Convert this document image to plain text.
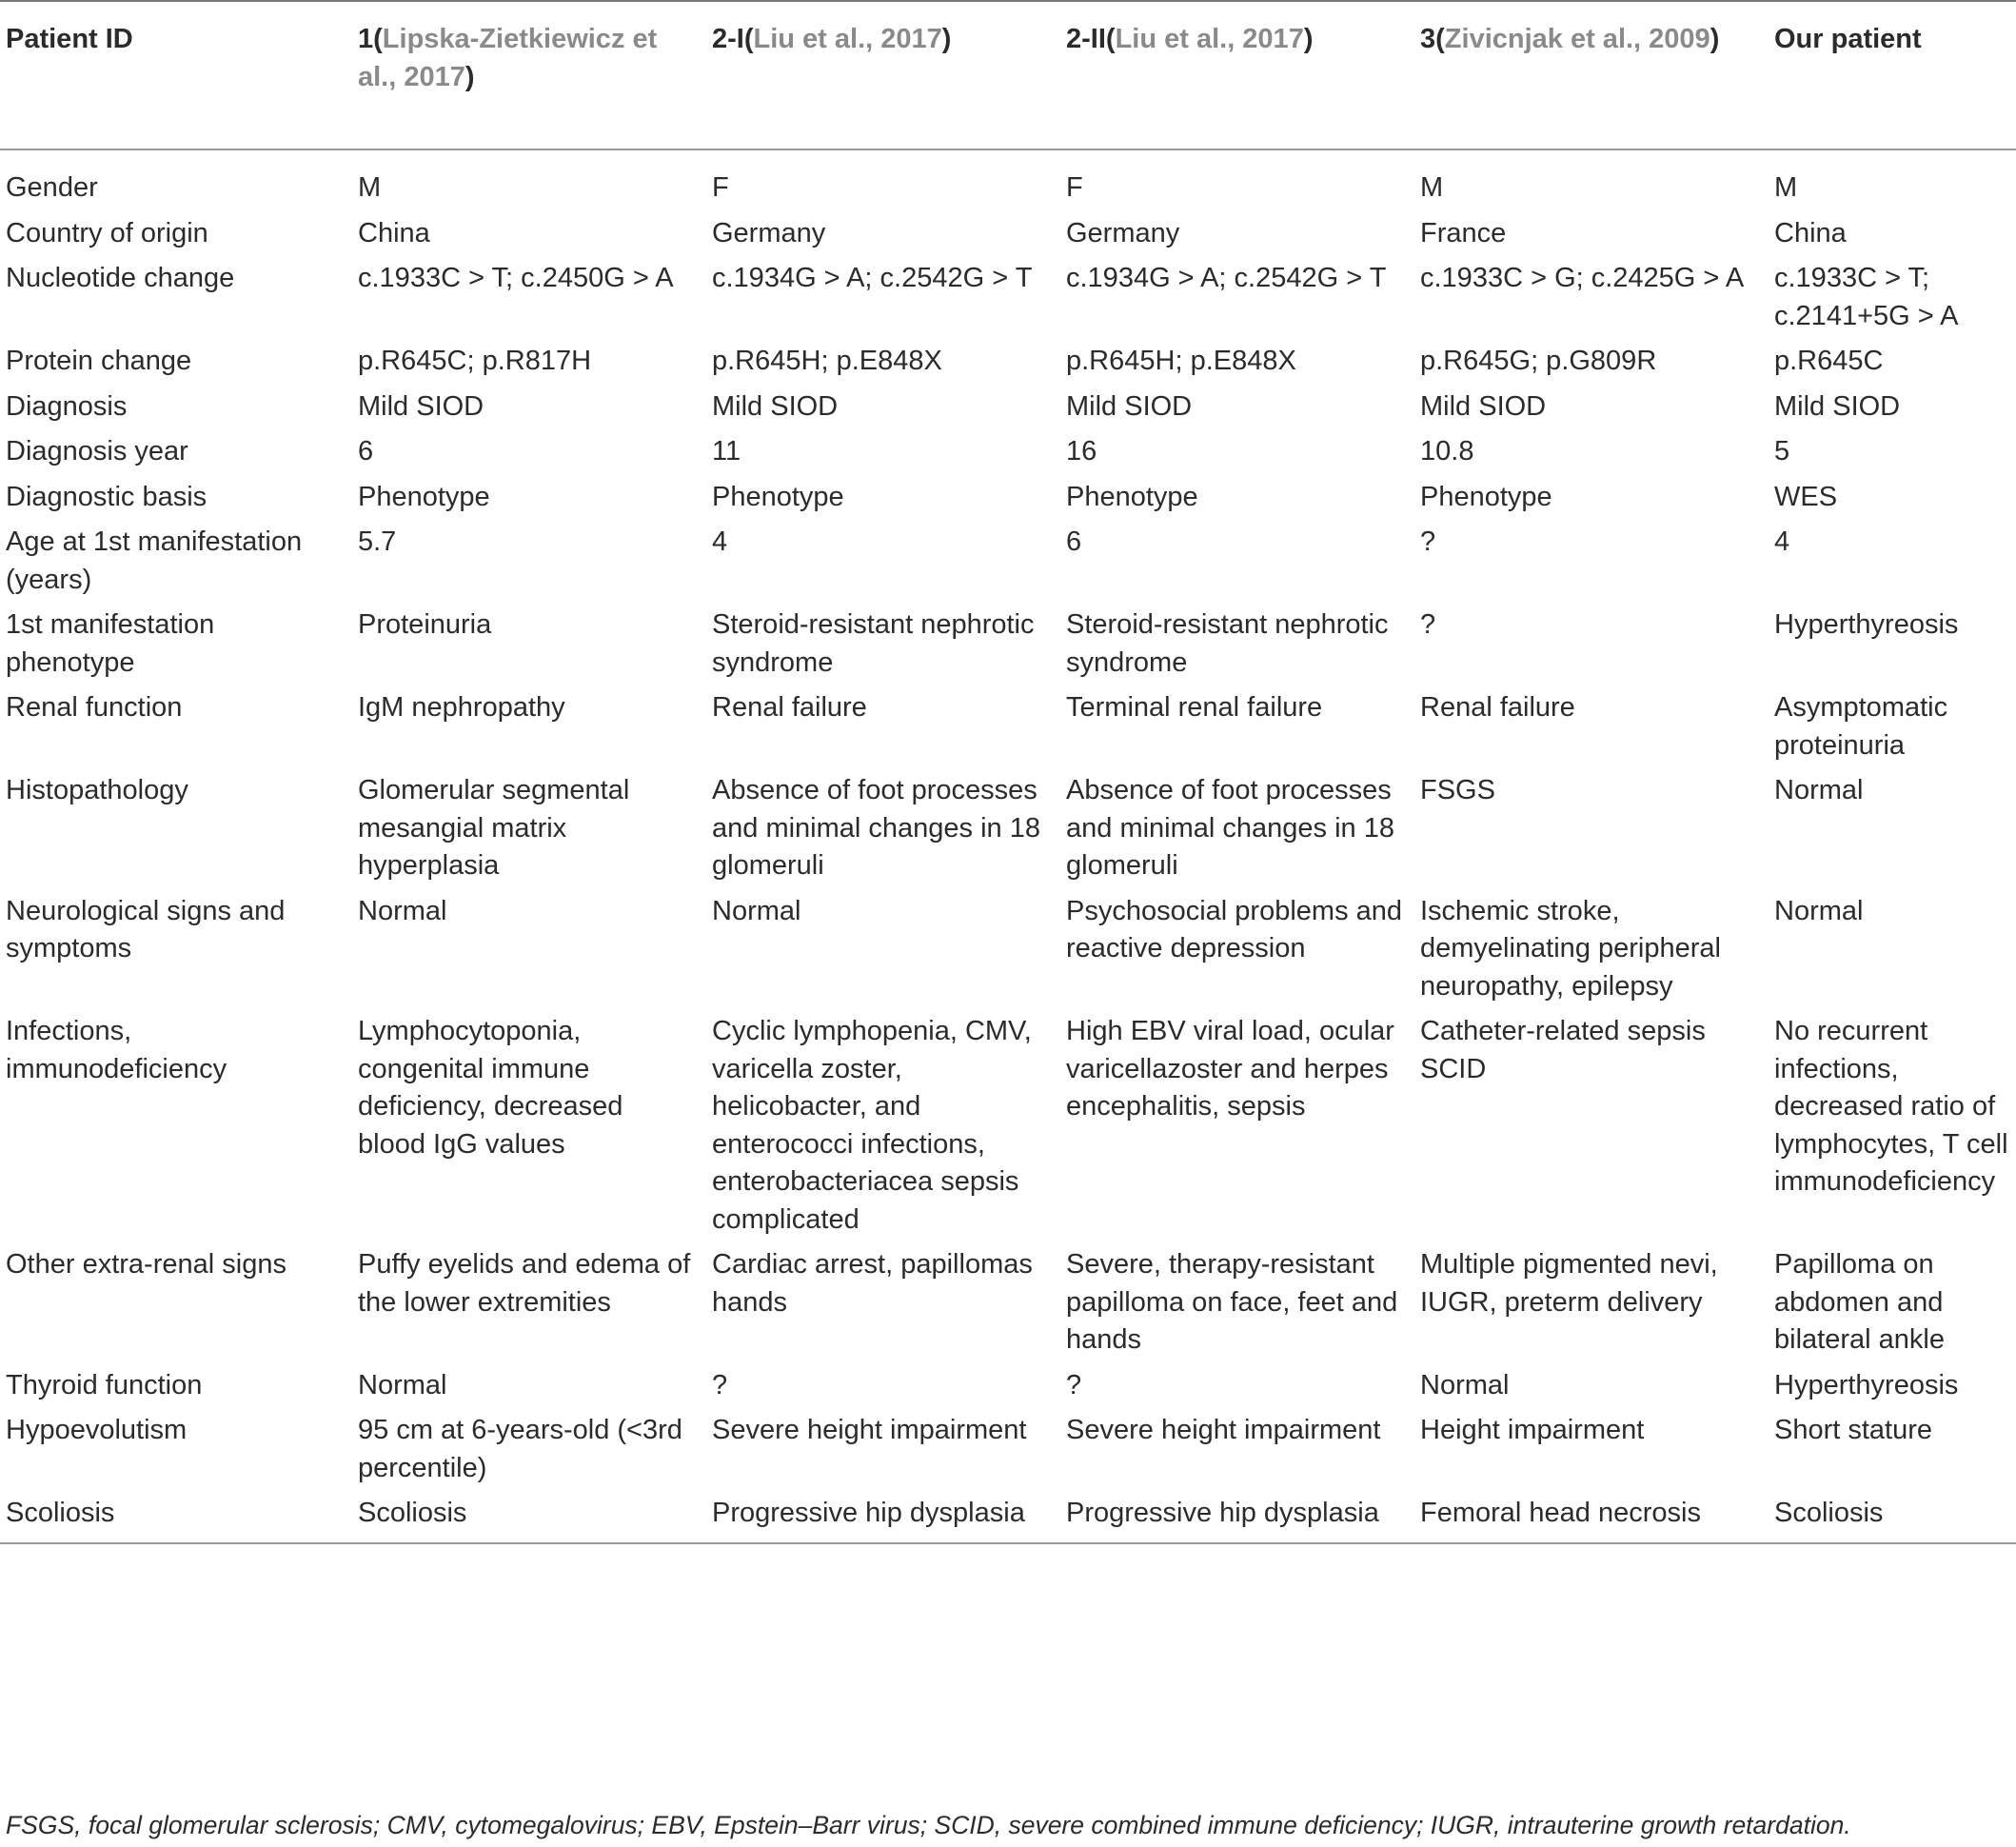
Patient ID	1(Lipska-Zietkiewicz et al., 2017)	2-I(Liu et al., 2017)	2-II(Liu et al., 2017)	3(Zivicnjak et al., 2009)	Our patient
Gender	M	F	F	M	M
Country of origin	China	Germany	Germany	France	China
Nucleotide change	c.1933C > T; c.2450G > A	c.1934G > A; c.2542G > T	c.1934G > A; c.2542G > T	c.1933C > G; c.2425G > A	c.1933C > T; c.2141+5G > A
Protein change	p.R645C; p.R817H	p.R645H; p.E848X	p.R645H; p.E848X	p.R645G; p.G809R	p.R645C
Diagnosis	Mild SIOD	Mild SIOD	Mild SIOD	Mild SIOD	Mild SIOD
Diagnosis year	6	11	16	10.8	5
Diagnostic basis	Phenotype	Phenotype	Phenotype	Phenotype	WES
Age at 1st manifestation (years)	5.7	4	6	?	4
1st manifestation phenotype	Proteinuria	Steroid-resistant nephrotic syndrome	Steroid-resistant nephrotic syndrome	?	Hyperthyreosis
Renal function	IgM nephropathy	Renal failure	Terminal renal failure	Renal failure	Asymptomatic proteinuria
Histopathology	Glomerular segmental mesangial matrix hyperplasia	Absence of foot processes and minimal changes in 18 glomeruli	Absence of foot processes and minimal changes in 18 glomeruli	FSGS	Normal
Neurological signs and symptoms	Normal	Normal	Psychosocial problems and reactive depression	Ischemic stroke, demyelinating peripheral neuropathy, epilepsy	Normal
Infections, immunodeficiency	Lymphocytoponia, congenital immune deficiency, decreased blood IgG values	Cyclic lymphopenia, CMV, varicella zoster, helicobacter, and enterococci infections, enterobacteriacea sepsis complicated	High EBV viral load, ocular varicellazoster and herpes encephalitis, sepsis	Catheter-related sepsis SCID	No recurrent infections, decreased ratio of lymphocytes, T cell immunodeficiency
Other extra-renal signs	Puffy eyelids and edema of the lower extremities	Cardiac arrest, papillomas hands	Severe, therapy-resistant papilloma on face, feet and hands	Multiple pigmented nevi, IUGR, preterm delivery	Papilloma on abdomen and bilateral ankle
Thyroid function	Normal	?	?	Normal	Hyperthyreosis
Hypoevolutism	95 cm at 6-years-old (<3rd percentile)	Severe height impairment	Severe height impairment	Height impairment	Short stature
Scoliosis	Scoliosis	Progressive hip dysplasia	Progressive hip dysplasia	Femoral head necrosis	Scoliosis
FSGS, focal glomerular sclerosis; CMV, cytomegalovirus; EBV, Epstein–Barr virus; SCID, severe combined immune deficiency; IUGR, intrauterine growth retardation.
